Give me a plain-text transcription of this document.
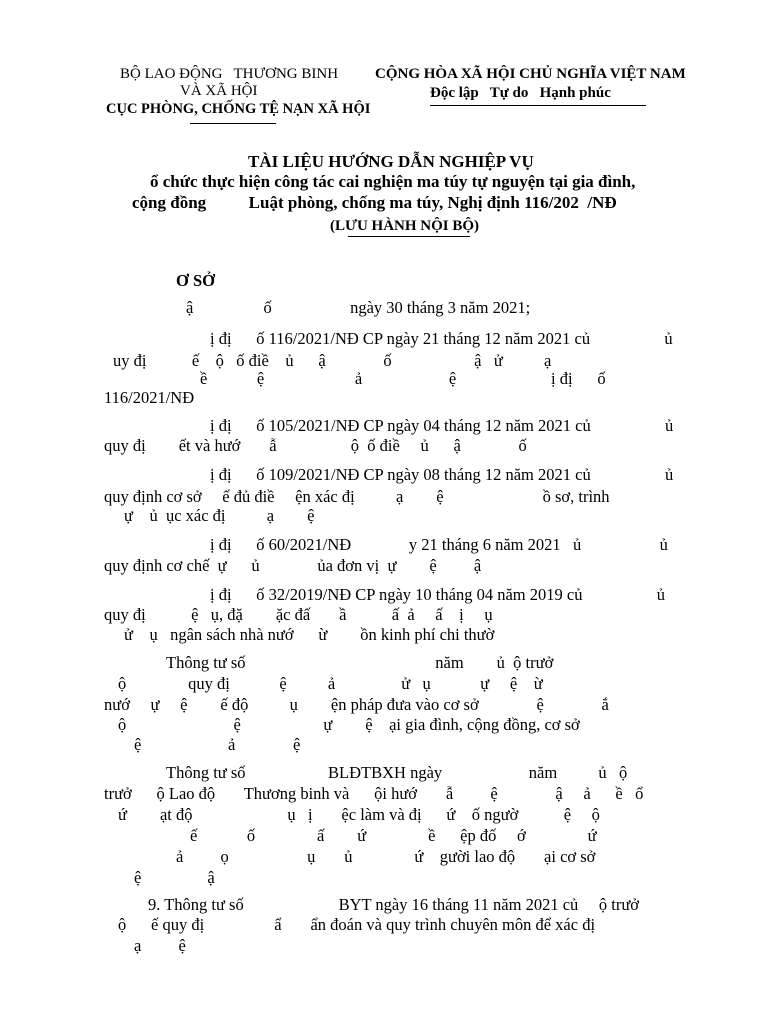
BỘ LAO ĐỘNG   THƯƠNG BINH
VÀ XÃ HỘI
CỤC PHÒNG, CHỐNG TỆ NẠN XÃ HỘI
CỘNG HÒA XÃ HỘI CHỦ NGHĨA VIỆT NAM
Độc lập   Tự do   Hạnh phúc
TÀI LIỆU HƯỚNG DẪN NGHIỆP VỤ
ổ chức thực hiện công tác cai nghiện ma túy tự nguyện tại gia đình,
cộng đồng          Luật phòng, chống ma túy, Nghị định 116/202  /NĐ
(LƯU HÀNH NỘI BỘ)
Ơ SỞ
ậ                 ố                   ngày 30 tháng 3 năm 2021;
ị đị      ố 116/2021/NĐ CP ngày 21 tháng 12 năm 2021 củ                  ủ
uy đị           ế    ộ   ố điề    ủ      ậ              ố                    ậ   ử          ạ
ề            ệ                      ả                     ệ                       ị đị      ố
116/2021/NĐ
ị đị      ố 105/2021/NĐ CP ngày 04 tháng 12 năm 2021 củ                  ủ
quy đị        ết và hướ       ẫ                  ộ  ố điề     ủ      ậ              ố
ị đị      ố 109/2021/NĐ CP ngày 08 tháng 12 năm 2021 củ                  ủ
quy định cơ sở     ế đủ điề     ện xác đị          ạ        ệ                        ồ sơ, trình
ự    ủ  ục xác đị          ạ        ệ
ị đị      ố 60/2021/NĐ              y 21 tháng 6 năm 2021   ủ                   ủ
quy định cơ chế  ự      ủ              ủa đơn vị  ự        ệ         ậ
ị đị      ố 32/2019/NĐ CP ngày 10 tháng 04 năm 2019 củ                  ủ
quy đị           ệ   ụ, đặ        ặc đấ       ầ           ấ  ả     ấ    ị     ụ
ử    ụ   ngân sách nhà nướ      ừ        ồn kinh phí chi thườ
Thông tư số                                              năm        ủ  ộ trưở
ộ               quy đị            ệ          ả                ử   ụ            ự     ệ    ừ
nướ     ự     ệ        ế độ          ụ        ện pháp đưa vào cơ sở              ệ              ắ
ộ                          ệ                    ự        ệ    ại gia đình, cộng đồng, cơ sở
ệ                     ả              ệ
Thông tư số                    BLĐTBXH ngày                     năm          ủ   ộ
trưở      ộ Lao độ       Thương binh và      ội hướ       ẫ         ệ              ậ     ả      ề   ổ
ứ        ạt độ                       ụ   ị       ệc làm và đị      ứ    ố ngườ           ệ     ộ
ế            ố               ấ        ứ               ề      ệp đố     ớ               ứ
ả         ọ                   ụ       ủ               ứ    gười lao độ       ại cơ sở
ệ                ậ
9. Thông tư số                       BYT ngày 16 tháng 11 năm 2021 củ     ộ trưở
ộ      ế quy đị                 ẩ       ẩn đoán và quy trình chuyên môn để xác đị
ạ         ệ
